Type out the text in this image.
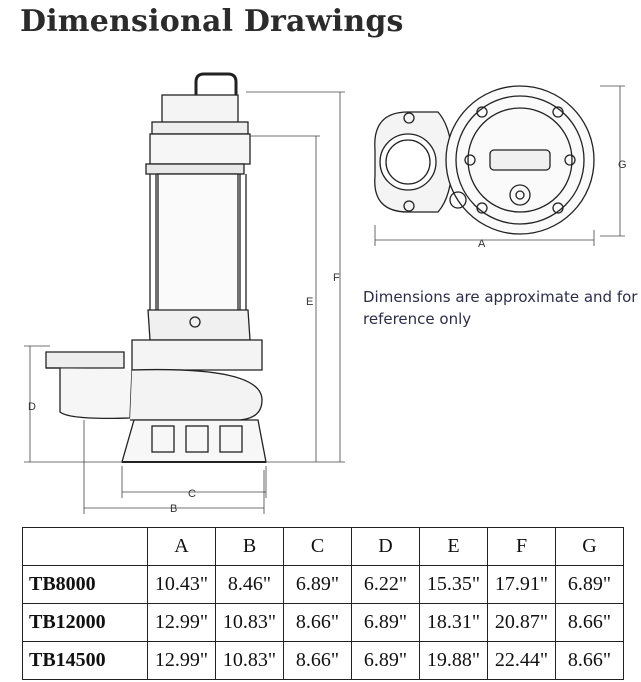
Dimensional Drawings
F
E
D
C
B
A
G
Dimensions are approximate and for reference only
	A	B	C	D	E	F	G
TB8000	10.43"	8.46"	6.89"	6.22"	15.35"	17.91"	6.89"
TB12000	12.99"	10.83"	8.66"	6.89"	18.31"	20.87"	8.66"
TB14500	12.99"	10.83"	8.66"	6.89"	19.88"	22.44"	8.66"
